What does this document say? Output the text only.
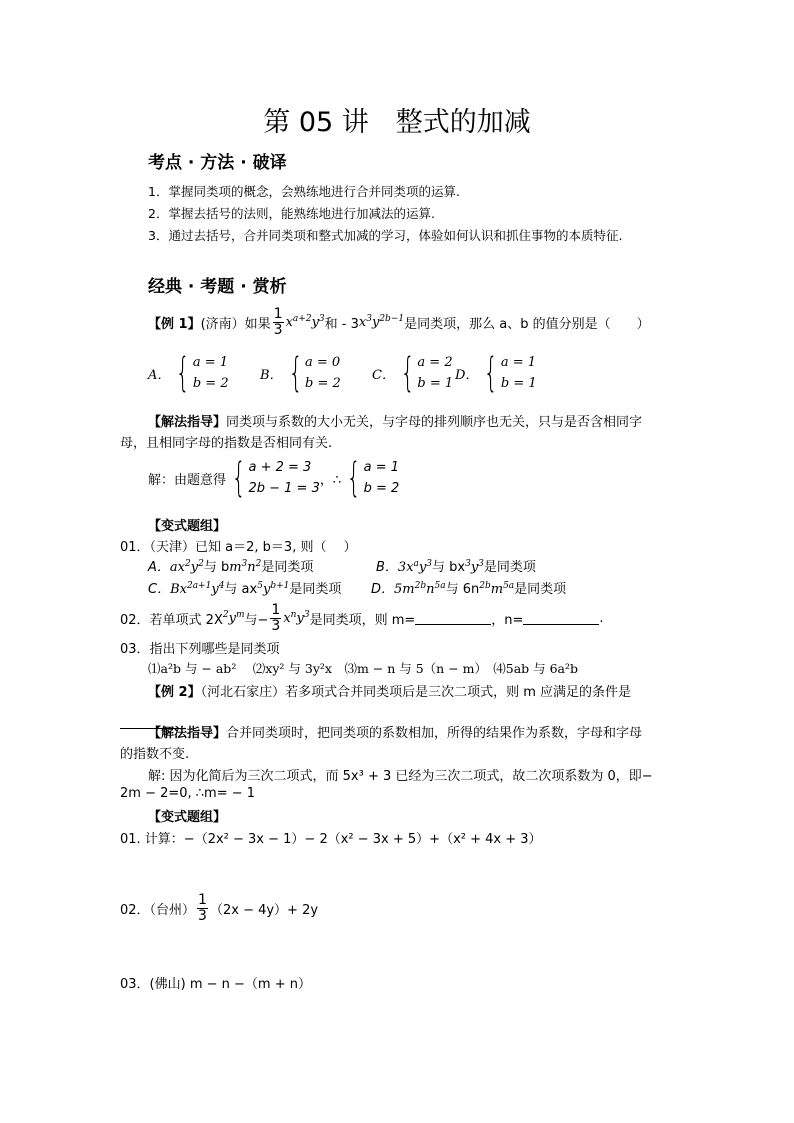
第 05 讲　整式的加减
考点 · 方法 · 破译
1．掌握同类项的概念，会熟练地进行合并同类项的运算.
2．掌握去括号的法则，能熟练地进行加减法的运算.
3．通过去括号，合并同类项和整式加减的学习，体验如何认识和抓住事物的本质特征.
经典 · 考题 · 赏析
【例 1】 (济南）如果 $\frac{1}{3} x^{a+2}y^3$ 和 - 3 $x^3y^{2b-1}$ 是同类项，那么 a、b 的值分别是（　　）
A． { a = 1
b = 2
B． { a = 0
b = 2
C． { a = 2
b = 1
D． { a = 1
b = 1
【解法指导】同类项与系数的大小无关，与字母的排列顺序也无关，只与是否含相同字
母，且相同字母的指数是否相同有关.
解：由题意得 { a + 2 = 3
2b − 1 = 3
，∴ { a = 1
b = 2
【变式题组】
01．（天津）已知 a＝2, b＝3, 则（　 ）
A．$ax^2y^2$与 $bm^3n^2$是同类项	B．$3x^ay^3$与 $bx^3y^3$是同类项
C．$Bx^{2a+1}y^4$与 $ax^5y^{b+1}$是同类项 D．$5m^{2b}n^{5a}$与 $6n^{2b}m^{5a}$是同类项
02．若单项式 2X $^2y^m$ 与− $\frac{1}{3} x^ny^3$ 是同类项，则 m=	，n=	.
03．指出下列哪些是同类项
⑴a²b 与 − ab²　 ⑵xy² 与 3y²x　⑶m − n 与 5（n − m）　⑷5ab 与 6a²b
【例 2】（河北石家庄）若多项式合并同类项后是三次二项式，则 m 应满足的条件是
【解法指导】合并同类项时，把同类项的系数相加，所得的结果作为系数，字母和字母
的指数不变.
解: 因为化简后为三次二项式，而 5x³ + 3 已经为三次二项式，故二次项系数为 0，即−
2m − 2=0, ∴m= − 1
【变式题组】
01. 计算：−（2x² − 3x − 1）− 2（x² − 3x + 5）+（x² + 4x + 3）
02．（台州） $\frac{1}{3} (2x - 4y)+ 2y$
03．(佛山) m − n −（m + n）
